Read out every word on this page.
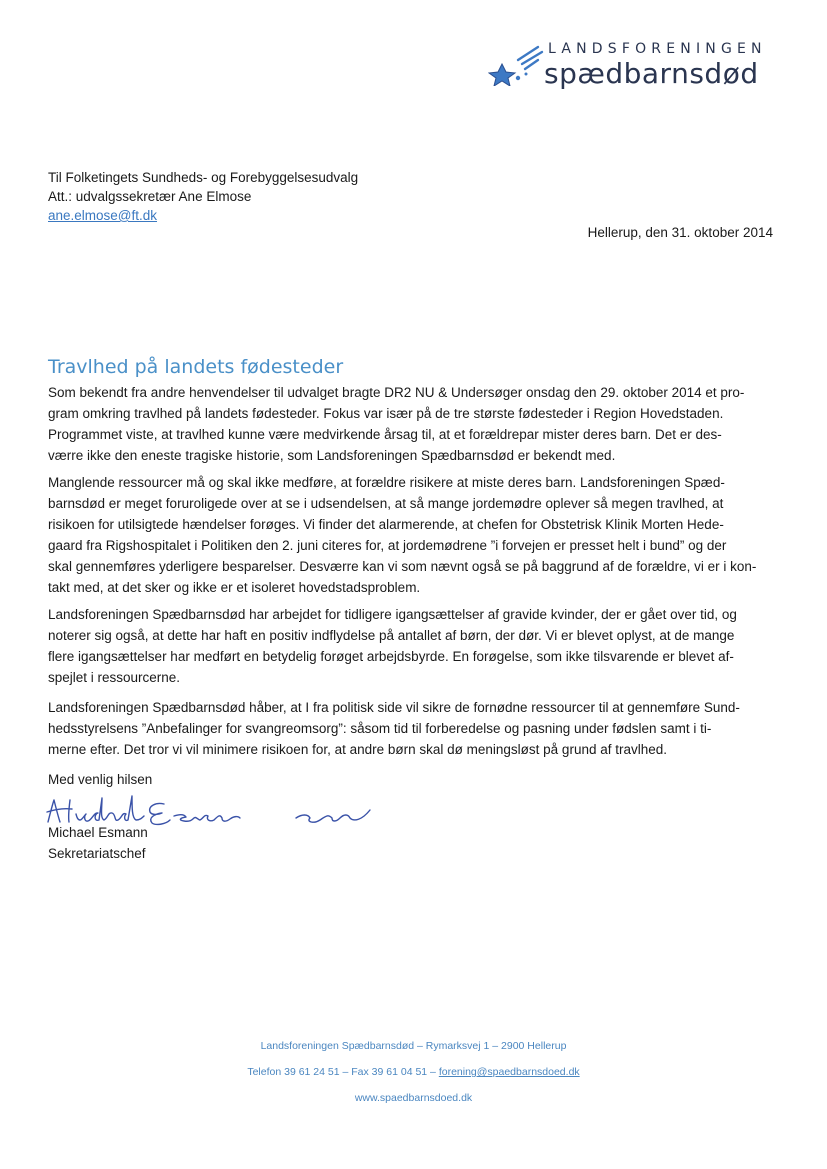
LANDSFORENINGEN
spædbarnsdød
Til Folketingets Sundheds- og Forebyggelsesudvalg
Att.: udvalgssekretær Ane Elmose
ane.elmose@ft.dk
Hellerup, den 31. oktober 2014
Travlhed på landets fødesteder

Som bekendt fra andre henvendelser til udvalget bragte DR2 NU & Undersøger onsdag den 29. oktober 2014 et pro-
gram omkring travlhed på landets fødesteder. Fokus var især på de tre største fødesteder i Region Hovedstaden.
Programmet viste, at travlhed kunne være medvirkende årsag til, at et forældrepar mister deres barn. Det er des-
værre ikke den eneste tragiske historie, som Landsforeningen Spædbarnsdød er bekendt med.

Manglende ressourcer må og skal ikke medføre, at forældre risikere at miste deres barn. Landsforeningen Spæd-
barnsdød er meget foruroligede over at se i udsendelsen, at så mange jordemødre oplever så megen travlhed, at
risikoen for utilsigtede hændelser forøges. Vi finder det alarmerende, at chefen for Obstetrisk Klinik Morten Hede-
gaard fra Rigshospitalet i Politiken den 2. juni citeres for, at jordemødrene ”i forvejen er presset helt i bund” og der
skal gennemføres yderligere besparelser. Desværre kan vi som nævnt også se på baggrund af de forældre, vi er i kon-
takt med, at det sker og ikke er et isoleret hovedstadsproblem.

Landsforeningen Spædbarnsdød har arbejdet for tidligere igangsættelser af gravide kvinder, der er gået over tid, og
noterer sig også, at dette har haft en positiv indflydelse på antallet af børn, der dør. Vi er blevet oplyst, at de mange
flere igangsættelser har medført en betydelig forøget arbejdsbyrde. En forøgelse, som ikke tilsvarende er blevet af-
spejlet i ressourcerne.

Landsforeningen Spædbarnsdød håber, at I fra politisk side vil sikre de fornødne ressourcer til at gennemføre Sund-
hedsstyrelsens ”Anbefalinger for svangreomsorg”: såsom tid til forberedelse og pasning under fødslen samt i ti-
merne efter. Det tror vi vil minimere risikoen for, at andre børn skal dø meningsløst på grund af travlhed.

Med venlig hilsen
Michael Esmann
Sekretariatschef
Landsforeningen Spædbarnsdød – Rymarksvej 1 – 2900 Hellerup
Telefon 39 61 24 51 – Fax 39 61 04 51 – forening@spaedbarnsdoed.dk
www.spaedbarnsdoed.dk
